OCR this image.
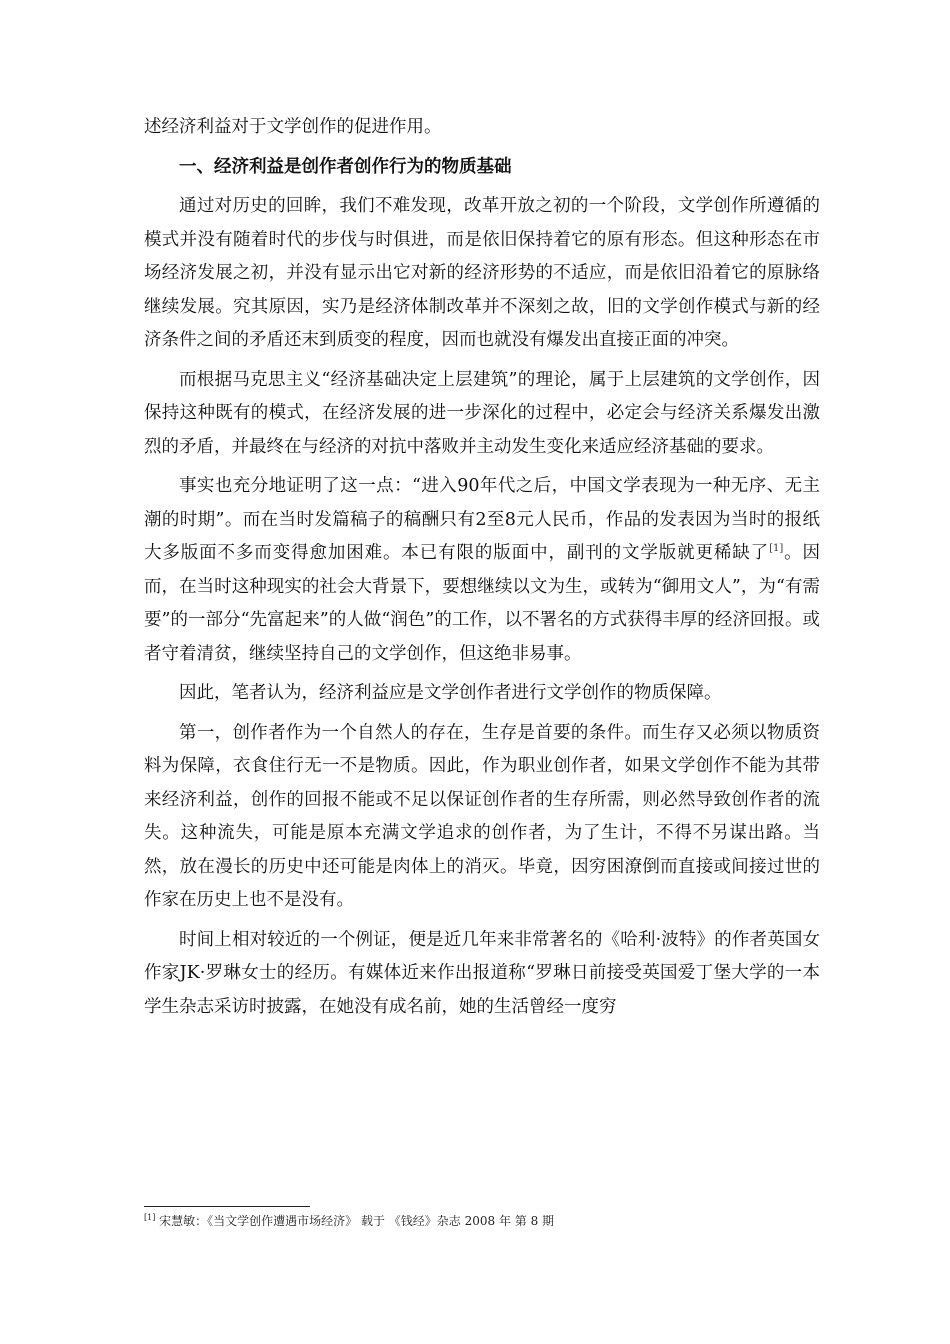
述经济利益对于文学创作的促进作用。

一、经济利益是创作者创作行为的物质基础

通过对历史的回眸，我们不难发现，改革开放之初的一个阶段，文学创作所遵循的模式并没有随着时代的步伐与时俱进，而是依旧保持着它的原有形态。但这种形态在市场经济发展之初，并没有显示出它对新的经济形势的不适应，而是依旧沿着它的原脉络继续发展。究其原因，实乃是经济体制改革并不深刻之故，旧的文学创作模式与新的经济条件之间的矛盾还末到质变的程度，因而也就没有爆发出直接正面的冲突。

而根据马克思主义“经济基础决定上层建筑”的理论，属于上层建筑的文学创作，因保持这种既有的模式，在经济发展的进一步深化的过程中，必定会与经济关系爆发出激烈的矛盾，并最终在与经济的对抗中落败并主动发生变化来适应经济基础的要求。

事实也充分地证明了这一点：“进入90年代之后，中国文学表现为一种无序、无主潮的时期”。而在当时发篇稿子的稿酬只有2至8元人民币，作品的发表因为当时的报纸大多版面不多而变得愈加困难。本已有限的版面中，副刊的文学版就更稀缺了[1]。因而，在当时这种现实的社会大背景下，要想继续以文为生，或转为“御用文人”，为“有需要”的一部分“先富起来”的人做“润色”的工作，以不署名的方式获得丰厚的经济回报。或者守着清贫，继续坚持自己的文学创作，但这绝非易事。

因此，笔者认为，经济利益应是文学创作者进行文学创作的物质保障。

第一，创作者作为一个自然人的存在，生存是首要的条件。而生存又必须以物质资料为保障，衣食住行无一不是物质。因此，作为职业创作者，如果文学创作不能为其带来经济利益，创作的回报不能或不足以保证创作者的生存所需，则必然导致创作者的流失。这种流失，可能是原本充满文学追求的创作者，为了生计，不得不另谋出路。当然，放在漫长的历史中还可能是肉体上的消灭。毕竟，因穷困潦倒而直接或间接过世的作家在历史上也不是没有。

时间上相对较近的一个例证，便是近几年来非常著名的《哈利·波特》的作者英国女作家JK·罗琳女士的经历。有媒体近来作出报道称“罗琳日前接受英国爱丁堡大学的一本学生杂志采访时披露，在她没有成名前，她的生活曾经一度穷

[1] 宋慧敏：《当文学创作遭遇市场经济》 载于 《钱经》杂志 2008 年 第 8 期
